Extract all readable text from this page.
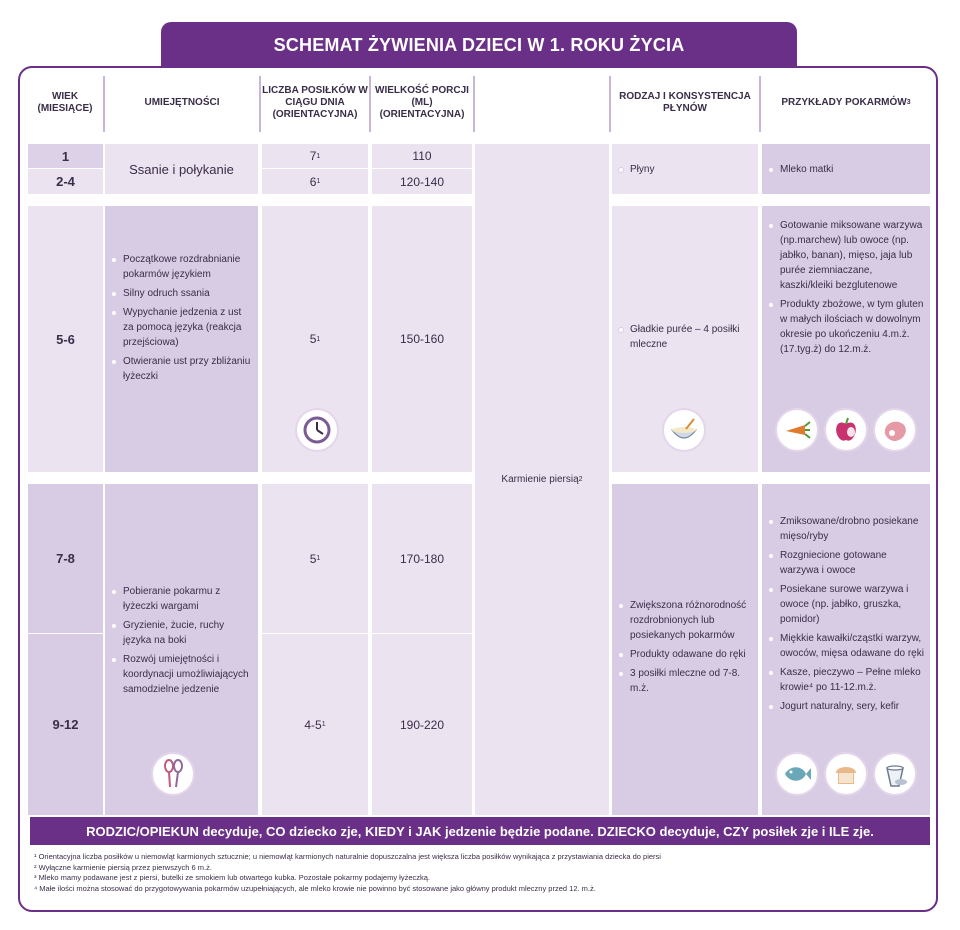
SCHEMAT ŻYWIENIA DZIECI W 1. ROKU ŻYCIA
WIEK (MIESIĄCE)
UMIEJĘTNOŚCI
LICZBA POSIŁKÓW W CIĄGU DNIA (ORIENTACYJNA)
WIELKOŚĆ PORCJI (ML) (ORIENTACYJNA)
RODZAJ I KONSYSTENCJA PŁYNÓW
PRZYKŁADY POKARMÓW 3
1
2-4
Ssanie i połykanie
7 1
6 1
110
120-140
Płyny	Mleko matki
Karmienie piersią 2
5-6
Początkowe rozdrabnianie pokarmów językiem
Silny odruch ssania
Wypychanie jedzenia z ust za pomocą języka (reakcja przejściowa)
Otwieranie ust przy zbliżaniu łyżeczki
5 1	150-160
Gładkie purée – 4 posiłki mleczne
Gotowanie miksowane warzywa (np.marchew) lub owoce (np. jabłko, banan), mięso, jaja lub purée ziemniaczane, kaszki/kleiki bezglutenowe
Produkty zbożowe, w tym gluten w małych ilościach w dowolnym okresie po ukończeniu 4.m.ż. (17.tyg.ż) do 12.m.ż.
7-8
9-12
Pobieranie pokarmu z łyżeczki wargami
Gryzienie, żucie, ruchy języka na boki
Rozwój umiejętności i koordynacji umożliwiających samodzielne jedzenie
5 1
4-5 1
170-180
190-220
Zwiększona różnorodność rozdrobnionych lub posiekanych pokarmów
Produkty odawane do ręki
3 posiłki mleczne od 7-8. m.ż.
Zmiksowane/drobno posiekane mięso/ryby
Rozgniecione gotowane warzywa i owoce
Posiekane surowe warzywa i owoce (np. jabłko, gruszka, pomidor)
Miękkie kawałki/cząstki warzyw, owoców, mięsa odawane do ręki
Kasze, pieczywo – Pełne mleko krowie⁴ po 11-12.m.ż.
Jogurt naturalny, sery, kefir
RODZIC/OPIEKUN decyduje, CO dziecko zje, KIEDY i JAK jedzenie będzie podane. DZIECKO decyduje, CZY posiłek zje i ILE zje.
¹ Orientacyjna liczba posiłków u niemowląt karmionych sztucznie; u niemowląt karmionych naturalnie dopuszczalna jest większa liczba posiłków wynikająca z przystawiania dziecka do piersi
² Wyłączne karmienie piersią przez pierwszych 6 m.ż.
³ Mleko mamy podawane jest z piersi, butelki ze smokiem lub otwartego kubka. Pozostałe pokarmy podajemy łyżeczką.
⁴ Małe ilości można stosować do przygotowywania pokarmów uzupełniających, ale mleko krowie nie powinno być stosowane jako główny produkt mleczny przed 12. m.ż.
